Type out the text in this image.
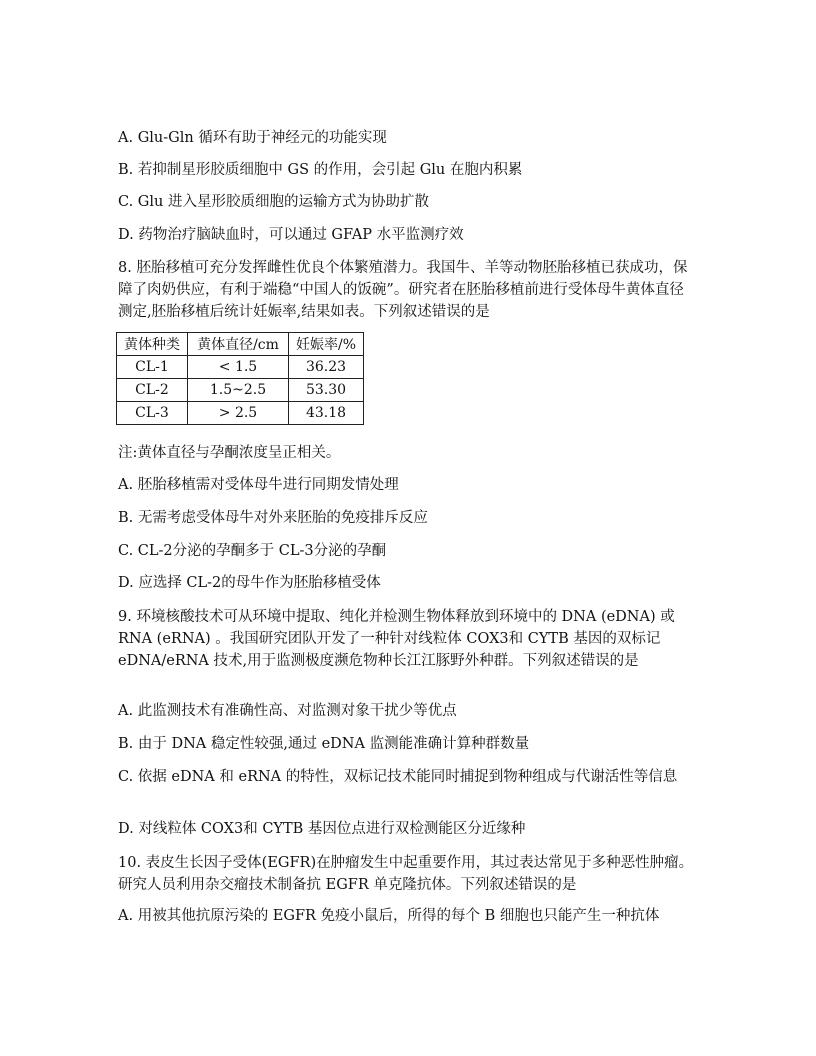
A. Glu-Gln 循环有助于神经元的功能实现
B. 若抑制星形胶质细胞中 GS 的作用，会引起 Glu 在胞内积累
C. Glu 进入星形胶质细胞的运输方式为协助扩散
D. 药物治疗脑缺血时，可以通过 GFAP 水平监测疗效
8. 胚胎移植可充分发挥雌性优良个体繁殖潜力。我国牛、羊等动物胚胎移植已获成功，保障了肉奶供应，有利于端稳“中国人的饭碗”。研究者在胚胎移植前进行受体母牛黄体直径测定,胚胎移植后统计妊娠率,结果如表。下列叙述错误的是
黄体种类	黄体直径/cm	妊娠率/%
CL-1	< 1.5	36.23
CL-2	1.5~2.5	53.30
CL-3	> 2.5	43.18
注:黄体直径与孕酮浓度呈正相关。
A. 胚胎移植需对受体母牛进行同期发情处理
B. 无需考虑受体母牛对外来胚胎的免疫排斥反应
C. CL-2分泌的孕酮多于 CL-3分泌的孕酮
D. 应选择 CL-2的母牛作为胚胎移植受体
9. 环境核酸技术可从环境中提取、纯化并检测生物体释放到环境中的 DNA (eDNA) 或 RNA (eRNA) 。我国研究团队开发了一种针对线粒体 COX3和 CYTB 基因的双标记 eDNA/eRNA 技术,用于监测极度濒危物种长江江豚野外种群。下列叙述错误的是
A. 此监测技术有准确性高、对监测对象干扰少等优点
B. 由于 DNA 稳定性较强,通过 eDNA 监测能准确计算种群数量
C. 依据 eDNA 和 eRNA 的特性，双标记技术能同时捕捉到物种组成与代谢活性等信息
D. 对线粒体 COX3和 CYTB 基因位点进行双检测能区分近缘种
10. 表皮生长因子受体(EGFR)在肿瘤发生中起重要作用，其过表达常见于多种恶性肿瘤。 研究人员利用杂交瘤技术制备抗 EGFR 单克隆抗体。下列叙述错误的是
A. 用被其他抗原污染的 EGFR 免疫小鼠后，所得的每个 B 细胞也只能产生一种抗体
